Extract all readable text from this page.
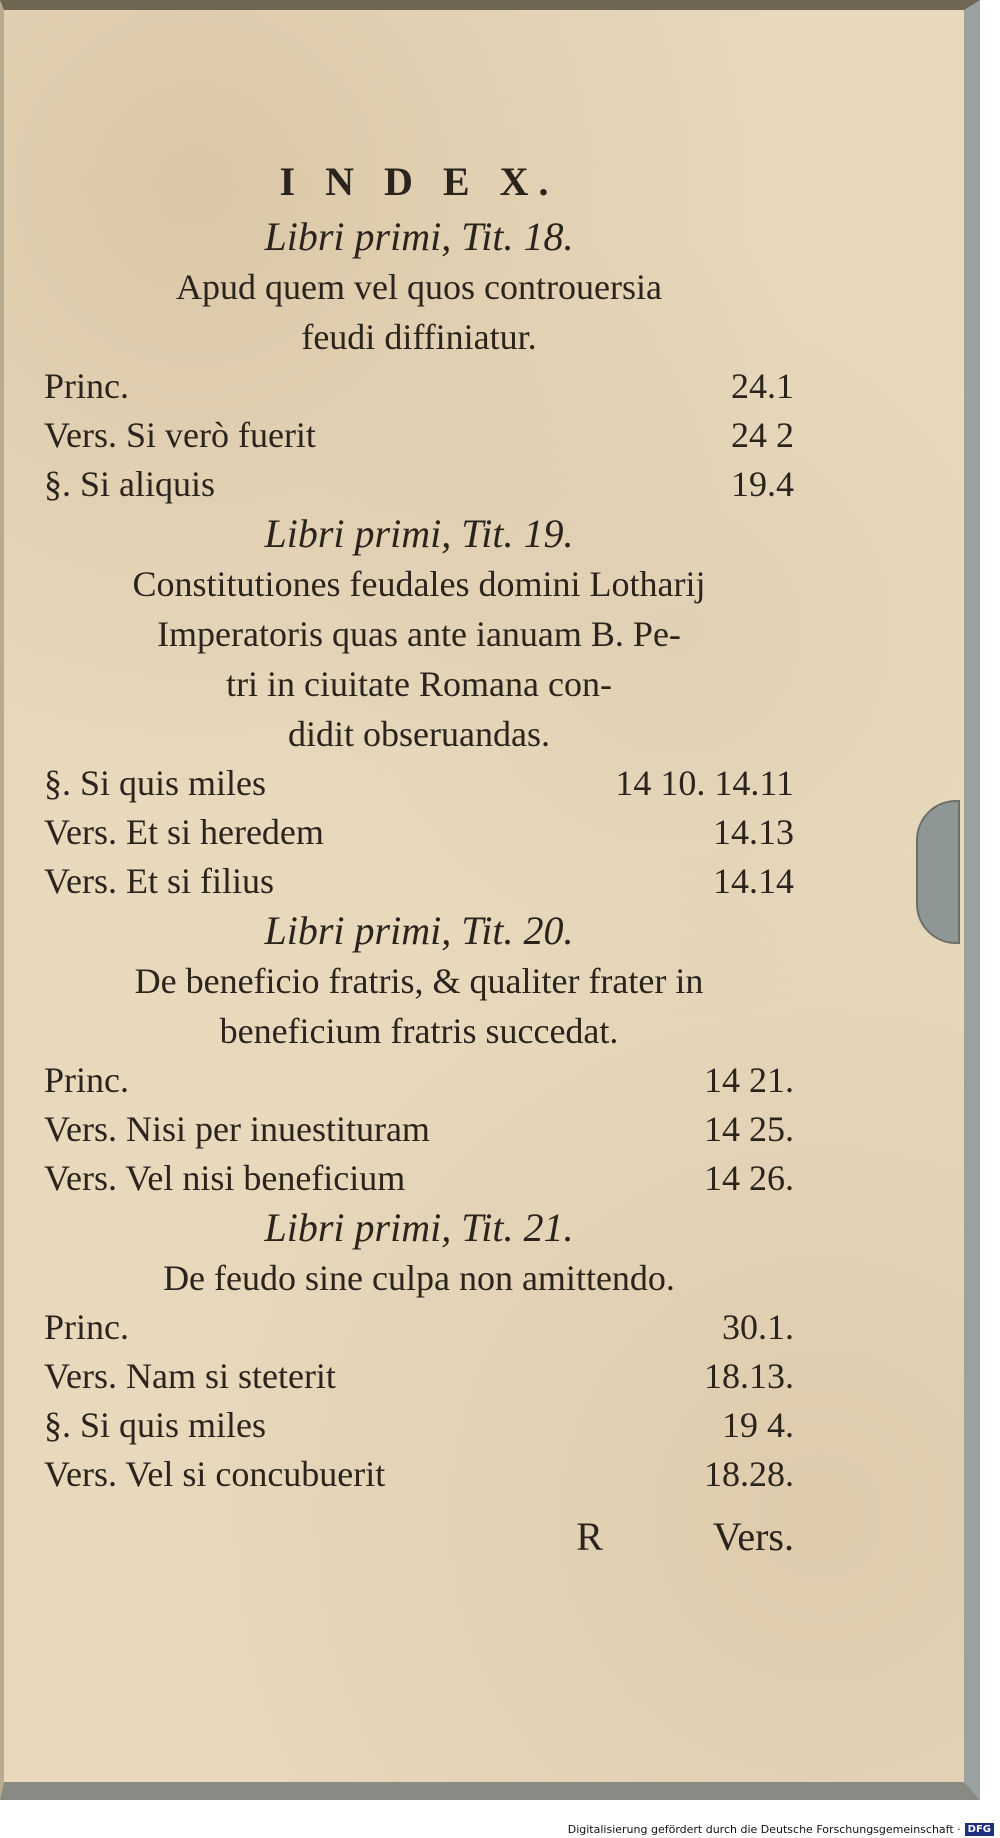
I N D E X.
Libri primi, Tit. 18.
Apud quem vel quos controuersia
feudi diffiniatur.
Princ.	24.1
Vers. Si verò fuerit	24 2
§. Si aliquis	19.4
Libri primi, Tit. 19.
Constitutiones feudales domini Lotharij
Imperatoris quas ante ianuam B. Pe-
tri in ciuitate Romana con-
didit obseruandas.
§. Si quis miles	14 10. 14.11
Vers. Et si heredem	14.13
Vers. Et si filius	14.14
Libri primi, Tit. 20.
De beneficio fratris, & qualiter frater in
beneficium fratris succedat.
Princ.	14 21.
Vers. Nisi per inuestituram	14 25.
Vers. Vel nisi beneficium	14 26.
Libri primi, Tit. 21.
De feudo sine culpa non amittendo.
Princ.	30.1.
Vers. Nam si steterit	18.13.
§. Si quis miles	19 4.
Vers. Vel si concubuerit	18.28.
R	Vers.
Digitalisierung gefördert durch die Deutsche Forschungsgemeinschaft · DFG
